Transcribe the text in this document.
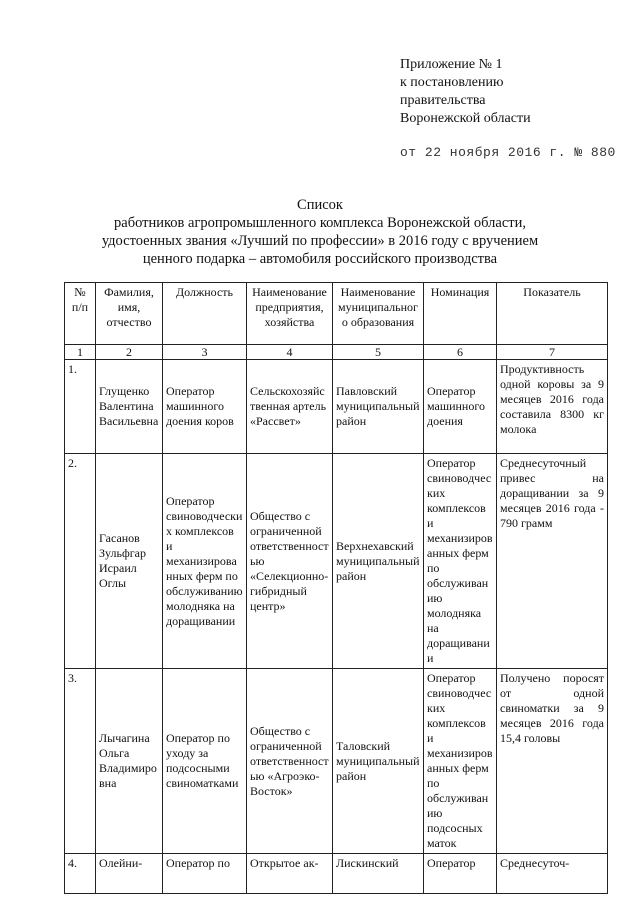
Приложение № 1
к постановлению
правительства
Воронежской области
от 22 ноября 2016 г. № 880
Список
работников агропромышленного комплекса Воронежской области,
удостоенных звания «Лучший по профессии» в 2016 году с вручением
ценного подарка – автомобиля российского производства
№ п/п	Фамилия, имя, отчество	Должность	Наименование предприятия, хозяйства	Наименование муниципального образования	Номинация	Показатель
1	2	3	4	5	6	7
1.	Глущенко Валентина Васильевна	Оператор машинного доения коров	Сельскохозяйственная артель «Рассвет»	Павловский муниципальный район	Оператор машинного доения	Продуктивность одной коровы за 9 месяцев 2016 года составила 8300 кг молока
2.	Гасанов Зульфгар Исраил Оглы	Оператор свиноводческих комплексов и механизированных ферм по обслуживанию молодняка на доращивании	Общество с ограниченной ответственностью «Селекционно-гибридный центр»	Верхнехавский муниципальный район	Оператор свиноводческих комплексов и механизированных ферм по обслуживанию молодняка на доращивании	Среднесуточный привес на доращивании за 9 месяцев 2016 года - 790 грамм
3.	Лычагина Ольга Владимировна	Оператор по уходу за подсосными свиноматками	Общество с ограниченной ответственностью «Агроэко-Восток»	Таловский муниципальный район	Оператор свиноводческих комплексов и механизированных ферм по обслуживанию подсосных маток	Получено поросят от одной свиноматки за 9 месяцев 2016 года 15,4 головы
4.	Олейни-	Оператор по	Открытое ак-	Лискинский	Оператор	Среднесуточ-
